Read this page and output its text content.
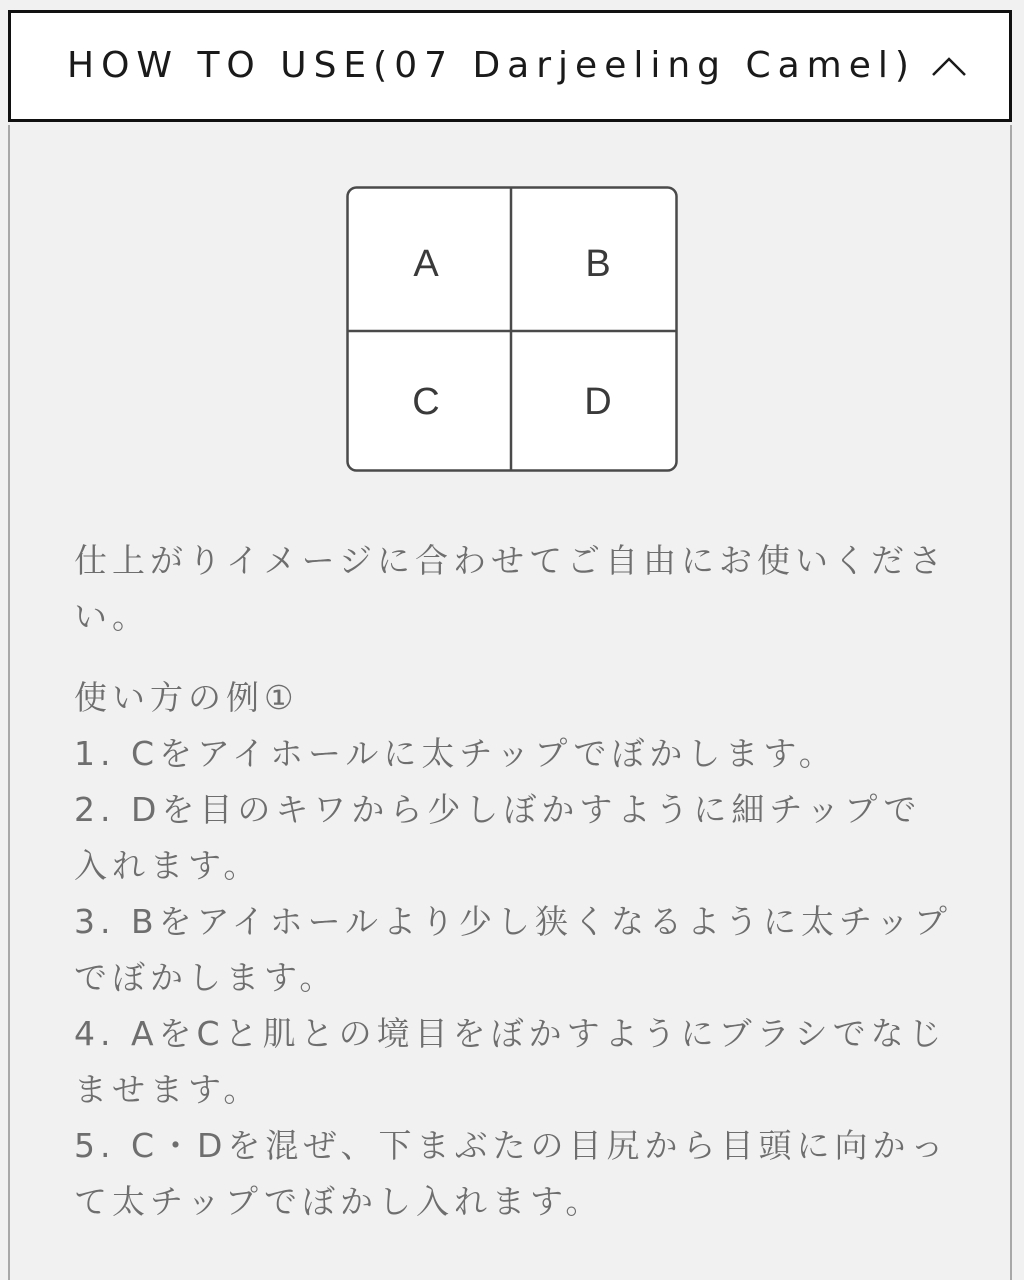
HOW TO USE(07 Darjeeling Camel)
A	B
C	D

仕上がりイメージに合わせてご自由にお使いください。

使い方の例①
1. Cをアイホールに太チップでぼかします。
2. Dを目のキワから少しぼかすように細チップで入れます。
3. Bをアイホールより少し狭くなるように太チップでぼかします。
4. AをCと肌との境目をぼかすようにブラシでなじませます。
5. C・Dを混ぜ、下まぶたの目尻から目頭に向かって太チップでぼかし入れます。
